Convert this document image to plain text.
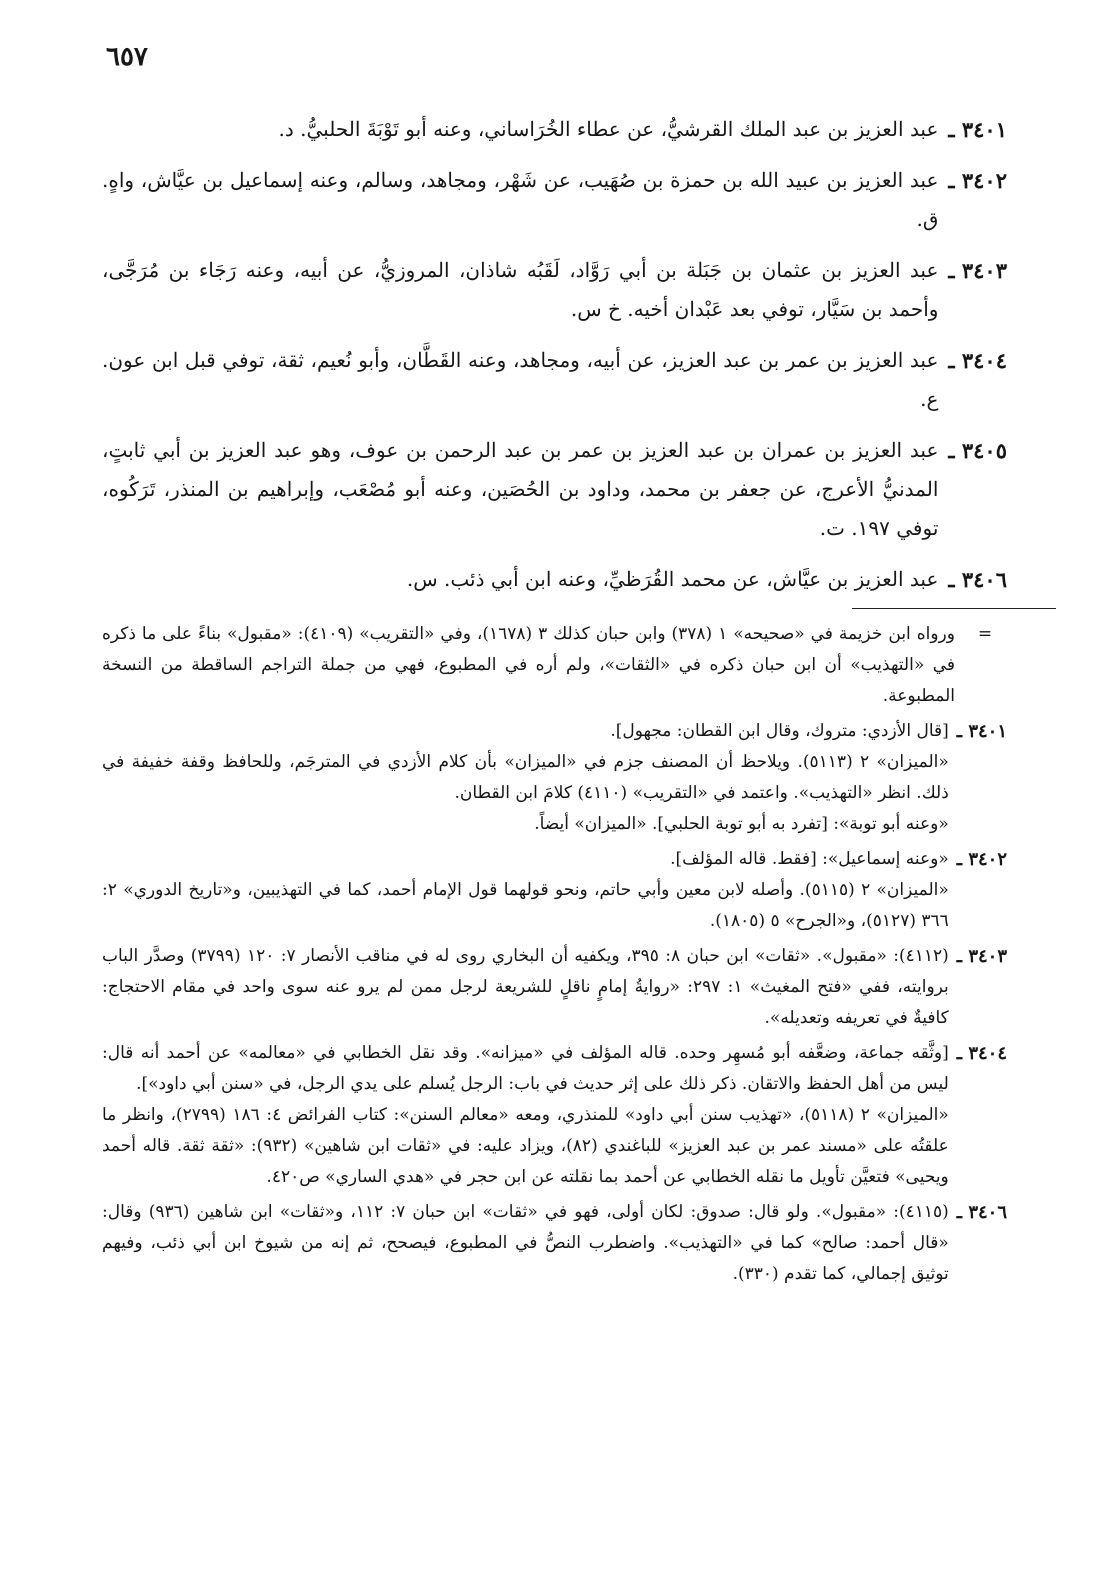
٦٥٧
٣٤٠١ ـ
عبد العزيز بن عبد الملك القرشيُّ، عن عطاء الخُرَاساني، وعنه أبو تَوْبَةَ الحلبيُّ. د.
٣٤٠٢ ـ
عبد العزيز بن عبيد الله بن حمزة بن صُهَيب، عن شَهْر، ومجاهد، وسالم، وعنه إسماعيل بن عيَّاش، واهٍ. ق.
٣٤٠٣ ـ
عبد العزيز بن عثمان بن جَبَلة بن أبي رَوَّاد، لَقَبُه شاذان، المروزيُّ، عن أبيه، وعنه رَجَاء بن مُرَجَّى، وأحمد بن سَيَّار، توفي بعد عَبْدان أخيه. خ س.
٣٤٠٤ ـ
عبد العزيز بن عمر بن عبد العزيز، عن أبيه، ومجاهد، وعنه القَطَّان، وأبو نُعيم، ثقة، توفي قبل ابن عون. ع.
٣٤٠٥ ـ
عبد العزيز بن عمران بن عبد العزيز بن عمر بن عبد الرحمن بن عوف، وهو عبد العزيز بن أبي ثابتٍ، المدنيُّ الأعرج، عن جعفر بن محمد، وداود بن الحُصَين، وعنه أبو مُصْعَب، وإبراهيم بن المنذر، تَرَكُوه، توفي ١٩٧. ت.
٣٤٠٦ ـ
عبد العزيز بن عيَّاش، عن محمد القُرَظيِّ، وعنه ابن أبي ذئب. س.
=

ورواه ابن خزيمة في «صحيحه» ١ (٣٧٨) وابن حبان كذلك ٣ (١٦٧٨)، وفي «التقريب» (٤١٠٩): «مقبول» بناءً على ما ذكره في «التهذيب» أن ابن حبان ذكره في «الثقات»، ولم أره في المطبوع، فهي من جملة التراجم الساقطة من النسخة المطبوعة.

٣٤٠١ ـ

[قال الأزدي: متروك، وقال ابن القطان: مجهول].

«الميزان» ٢ (٥١١٣). ويلاحظ أن المصنف جزم في «الميزان» بأن كلام الأزدي في المترجَم، وللحافظ وقفة خفيفة في ذلك. انظر «التهذيب». واعتمد في «التقريب» (٤١١٠) كلامَ ابن القطان.

«وعنه أبو توبة»: [تفرد به أبو توبة الحلبي]. «الميزان» أيضاً.

٣٤٠٢ ـ

«وعنه إسماعيل»: [فقط. قاله المؤلف].

«الميزان» ٢ (٥١١٥). وأصله لابن معين وأبي حاتم، ونحو قولهما قول الإمام أحمد، كما في التهذيبين، و«تاريخ الدوري» ٢: ٣٦٦ (٥١٢٧)، و«الجرح» ٥ (١٨٠٥).

٣٤٠٣ ـ

(٤١١٢): «مقبول». «ثقات» ابن حبان ٨: ٣٩٥، ويكفيه أن البخاري روى له في مناقب الأنصار ٧: ١٢٠ (٣٧٩٩) وصدَّر الباب بروايته، ففي «فتح المغيث» ١: ٢٩٧: «روايةُ إمامٍ ناقلٍ للشريعة لرجل ممن لم يرو عنه سوى واحد في مقام الاحتجاج: كافيةٌ في تعريفه وتعديله».

٣٤٠٤ ـ

[وثَّقه جماعة، وضعَّفه أبو مُسهِر وحده. قاله المؤلف في «ميزانه». وقد نقل الخطابي في «معالمه» عن أحمد أنه قال: ليس من أهل الحفظ والاتقان. ذكر ذلك على إثر حديث في باب: الرجل يُسلم على يدي الرجل، في «سنن أبي داود»].

«الميزان» ٢ (٥١١٨)، «تهذيب سنن أبي داود» للمنذري، ومعه «معالم السنن»: كتاب الفرائض ٤: ١٨٦ (٢٧٩٩)، وانظر ما علقتُه على «مسند عمر بن عبد العزيز» للباغندي (٨٢)، ويزاد عليه: في «ثقات ابن شاهين» (٩٣٢): «ثقة ثقة. قاله أحمد ويحيى» فتعيَّن تأويل ما نقله الخطابي عن أحمد بما نقلته عن ابن حجر في «هدي الساري» ص٤٢٠.

٣٤٠٦ ـ

(٤١١٥): «مقبول». ولو قال: صدوق: لكان أولى، فهو في «ثقات» ابن حبان ٧: ١١٢، و«ثقات» ابن شاهين (٩٣٦) وقال: «قال أحمد: صالح» كما في «التهذيب». واضطرب النصُّ في المطبوع، فيصحح، ثم إنه من شيوخ ابن أبي ذئب، وفيهم توثيق إجمالي، كما تقدم (٣٣٠).
